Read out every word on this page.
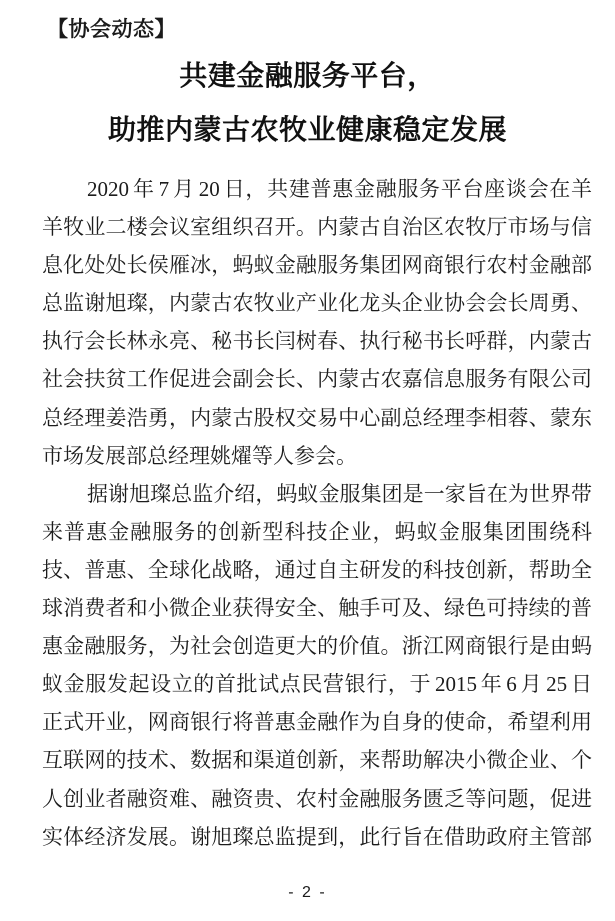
【协会动态】
共建金融服务平台，
助推内蒙古农牧业健康稳定发展
2020 年 7 月 20 日，共建普惠金融服务平台座谈会在羊
羊牧业二楼会议室组织召开。内蒙古自治区农牧厅市场与信
息化处处长侯雁冰，蚂蚁金融服务集团网商银行农村金融部
总监谢旭璨，内蒙古农牧业产业化龙头企业协会会长周勇、
执行会长林永亮、秘书长闫树春、执行秘书长呼群，内蒙古
社会扶贫工作促进会副会长、内蒙古农嘉信息服务有限公司
总经理姜浩勇，内蒙古股权交易中心副总经理李相蓉、蒙东
市场发展部总经理姚燿等人参会。
据谢旭璨总监介绍，蚂蚁金服集团是一家旨在为世界带
来普惠金融服务的创新型科技企业，蚂蚁金服集团围绕科
技、普惠、全球化战略，通过自主研发的科技创新，帮助全
球消费者和小微企业获得安全、触手可及、绿色可持续的普
惠金融服务，为社会创造更大的价值。浙江网商银行是由蚂
蚁金服发起设立的首批试点民营银行，于 2015 年 6 月 25 日
正式开业，网商银行将普惠金融作为自身的使命，希望利用
互联网的技术、数据和渠道创新，来帮助解决小微企业、个
人创业者融资难、融资贵、农村金融服务匮乏等问题，促进
实体经济发展。谢旭璨总监提到，此行旨在借助政府主管部
- 2 -
